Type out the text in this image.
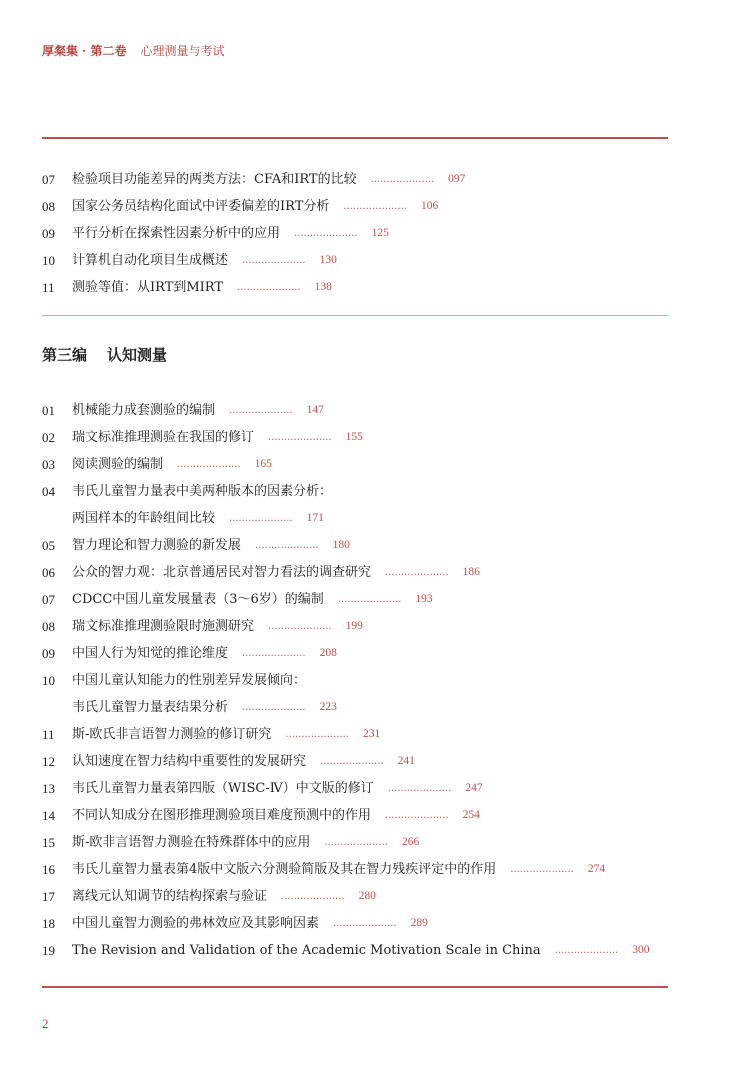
厚粲集 · 第二卷 心理测量与考试
07	检验项目功能差异的两类方法：CFA和IRT的比较 .................... 097
08	国家公务员结构化面试中评委偏差的IRT分析 .................... 106
09	平行分析在探索性因素分析中的应用 .................... 125
10	计算机自动化项目生成概述 .................... 130
11	测验等值：从IRT到MIRT .................... 138
第三编 认知测量
01	机械能力成套测验的编制 .................... 147
02	瑞文标准推理测验在我国的修订 .................... 155
03	阅读测验的编制 .................... 165
04	韦氏儿童智力量表中美两种版本的因素分析：
两国样本的年龄组间比较 .................... 171
05	智力理论和智力测验的新发展 .................... 180
06	公众的智力观：北京普通居民对智力看法的调查研究 .................... 186
07	CDCC中国儿童发展量表（3～6岁）的编制 .................... 193
08	瑞文标准推理测验限时施测研究 .................... 199
09	中国人行为知觉的推论维度 .................... 208
10	中国儿童认知能力的性别差异发展倾向：
韦氏儿童智力量表结果分析 .................... 223
11	斯-欧氏非言语智力测验的修订研究 .................... 231
12	认知速度在智力结构中重要性的发展研究 .................... 241
13	韦氏儿童智力量表第四版（WISC-Ⅳ）中文版的修订 .................... 247
14	不同认知成分在图形推理测验项目难度预测中的作用 .................... 254
15	斯-欧非言语智力测验在特殊群体中的应用 .................... 266
16	韦氏儿童智力量表第4版中文版六分测验简版及其在智力残疾评定中的作用 .................... 274
17	离线元认知调节的结构探索与验证 .................... 280
18	中国儿童智力测验的弗林效应及其影响因素 .................... 289
19	The Revision and Validation of the Academic Motivation Scale in China .................... 300
2
